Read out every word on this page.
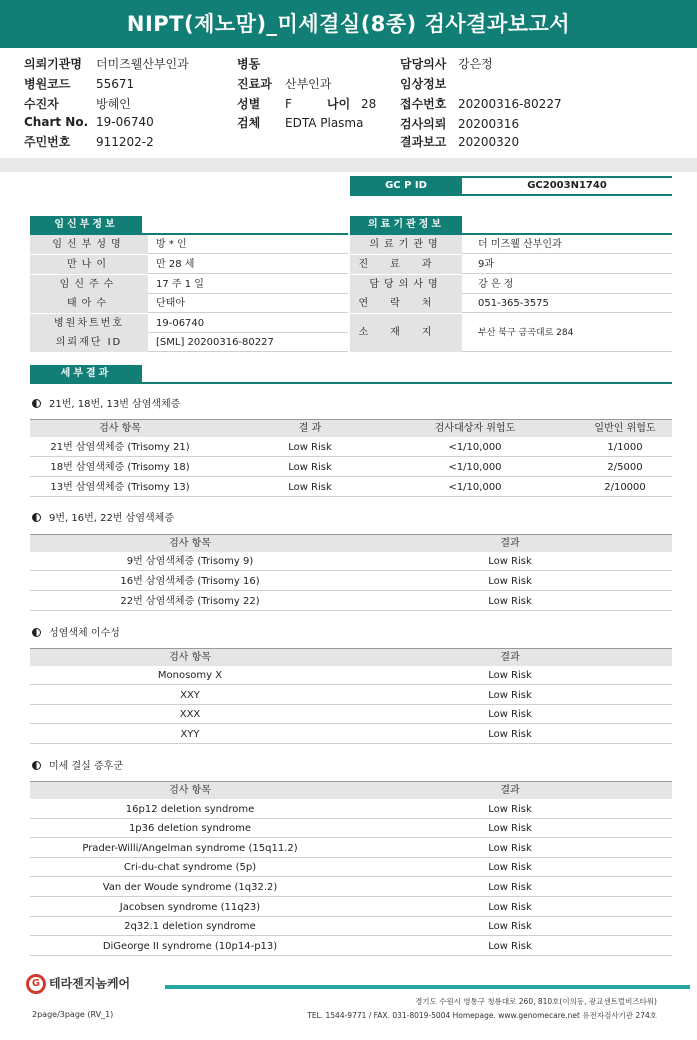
NIPT(제노맘)_미세결실(8종) 검사결과보고서
의뢰기관명 더미즈웰산부인과
병원코드 55671
수진자	방혜인
Chart No. 19-06740
주민번호 911202-2
병동
진료과 산부인과
성별 F	나이 28
검체 EDTA Plasma
담당의사 강은정
임상정보
접수번호 20200316-80227
검사의뢰 20200316
결과보고 20200320
GC P ID	GC2003N1740
임신부정보
임신부성명	방 * 인
만나이	만 28 세
임신주수	17 주 1 일
태아수	단태아
병원차트번호	19-06740
의뢰재단 ID	[SML] 20200316-80227
의료기관정보
의료기관명	더 미즈웰 산부인과
진료과	9과
담당의사명	강 은 정
연락처	051-365-3575
소재지	부산 북구 금곡대로 284
세부결과
21번, 18번, 13번 삼염색체증
검사 항목	결 과	검사대상자 위험도	일반인 위험도
21번 삼염색체증 (Trisomy 21)	Low Risk	<1/10,000	1/1000
18번 삼염색체증 (Trisomy 18)	Low Risk	<1/10,000	2/5000
13번 삼염색체증 (Trisomy 13)	Low Risk	<1/10,000	2/10000
9번, 16번, 22번 삼염색체증
검사 항목	결과
9번 삼염색체증 (Trisomy 9)	Low Risk
16번 삼염색체증 (Trisomy 16)	Low Risk
22번 삼염색체증 (Trisomy 22)	Low Risk
성염색체 이수성
검사 항목	결과
Monosomy X	Low Risk
XXY	Low Risk
XXX	Low Risk
XYY	Low Risk
미세 결실 증후군
검사 항목	결과
16p12 deletion syndrome	Low Risk
1p36 deletion syndrome	Low Risk
Prader-Willi/Angelman syndrome (15q11.2)	Low Risk
Cri-du-chat syndrome (5p)	Low Risk
Van der Woude syndrome (1q32.2)	Low Risk
Jacobsen syndrome (11q23)	Low Risk
2q32.1 deletion syndrome	Low Risk
DiGeorge II syndrome (10p14-p13)	Low Risk
G 테라젠지놈케어
경기도 수원시 영통구 청룡대로 260, 810호(이의동, 광교센트럴비즈타워)
TEL. 1544-9771 / FAX. 031-8019-5004 Homepage. www.genomecare.net 유전자검사기관 274호
2page/3page (RV_1)
